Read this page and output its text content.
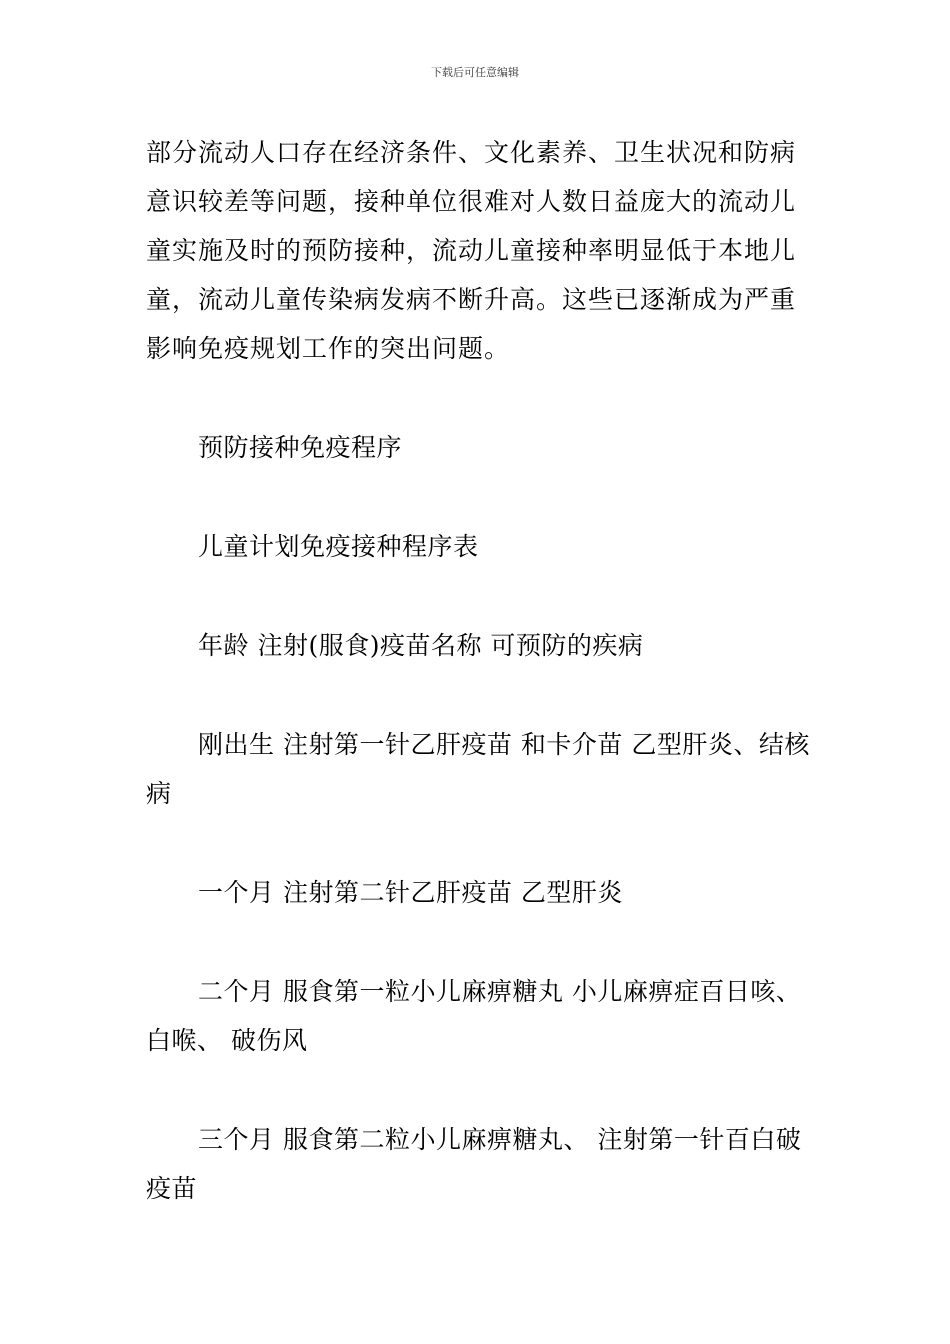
下载后可任意编辑

部分流动人口存在经济条件、文化素养、卫生状况和防病意识较差等问题，接种单位很难对人数日益庞大的流动儿童实施及时的预防接种，流动儿童接种率明显低于本地儿童，流动儿童传染病发病不断升高。这些已逐渐成为严重影响免疫规划工作的突出问题。

预防接种免疫程序

儿童计划免疫接种程序表

年龄 注射(服食)疫苗名称 可预防的疾病

刚出生 注射第一针乙肝疫苗 和卡介苗 乙型肝炎、结核病

一个月 注射第二针乙肝疫苗 乙型肝炎

二个月 服食第一粒小儿麻痹糖丸 小儿麻痹症百日咳、白喉、 破伤风

三个月 服食第二粒小儿麻痹糖丸、 注射第一针百白破疫苗
